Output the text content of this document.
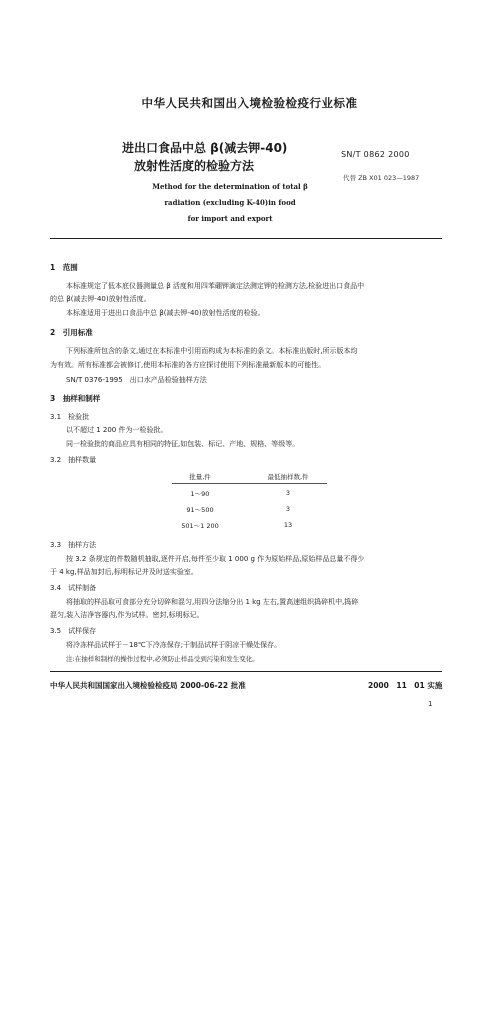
中华人民共和国出入境检验检疫行业标准
进出口食品中总 β(减去钾-40)
放射性活度的检验方法
SN/T 0862 2000
代替 ZB X01 023—1987
Method for the determination of total β
radiation (excluding K-40)in food
for import and export
1　范围
本标准规定了低本底仪器测量总 β 活度和用四苯硼钾滴定法测定钾的检测方法,检验进出口食品中
的总 β(减去钾-40)放射性活度。
本标准适用于进出口食品中总 β(减去钾-40)放射性活度的检验。
2　引用标准
下列标准所包含的条文,通过在本标准中引用而构成为本标准的条文。本标准出版时,所示版本均
为有效。所有标准都会被修订,使用本标准的各方应探讨使用下列标准最新版本的可能性。
SN/T 0376-1995　出口水产品检验抽样方法
3　抽样和制样
3.1　检验批
以不超过 1 200 件为一检验批。
同一检验批的商品应具有相同的特征,如包装、标记、产地、规格、等级等。
3.2　抽样数量
批量,件	最低抽样数,件
1～90	3
91～500	3
501～1 200	13
3.3　抽样方法
按 3.2 条规定的件数随机抽取,逐件开启,每件至少取 1 000 g 作为原始样品,原始样品总量不得少
于 4 kg,样品加封后,标明标记并及时送实验室。
3.4　试样制备
将抽取的样品取可食部分充分切碎和混匀,用四分法缩分出 1 kg 左右,置高速组织捣碎机中,捣碎
混匀,装入洁净容器内,作为试样。密封,标明标记。
3.5　试样保存
将冷冻样品试样于－18℃下冷冻保存;干制品试样于阴凉干燥处保存。
注:在抽样和制样的操作过程中,必须防止样品受到污染和发生变化。
中华人民共和国国家出入境检验检疫局 2000-06-22 批准	2000　11　01 实施
1
